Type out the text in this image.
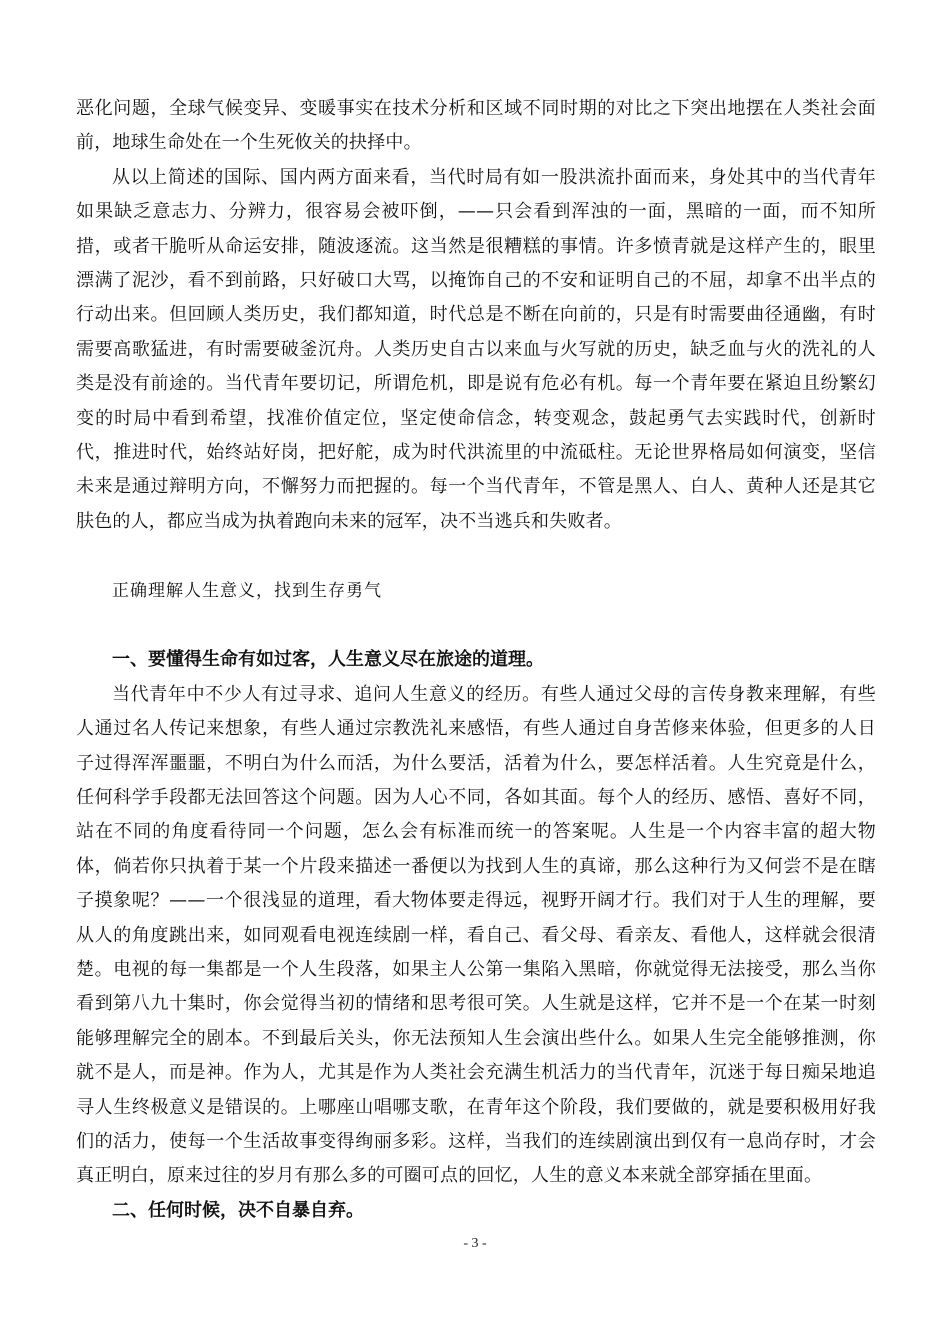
恶化问题，全球气候变异、变暖事实在技术分析和区域不同时期的对比之下突出地摆在人类社会面前，地球生命处在一个生死攸关的抉择中。

从以上简述的国际、国内两方面来看，当代时局有如一股洪流扑面而来，身处其中的当代青年如果缺乏意志力、分辨力，很容易会被吓倒，——只会看到浑浊的一面，黑暗的一面，而不知所措，或者干脆听从命运安排，随波逐流。这当然是很糟糕的事情。许多愤青就是这样产生的，眼里漂满了泥沙，看不到前路，只好破口大骂，以掩饰自己的不安和证明自己的不屈，却拿不出半点的行动出来。但回顾人类历史，我们都知道，时代总是不断在向前的，只是有时需要曲径通幽，有时需要高歌猛进，有时需要破釜沉舟。人类历史自古以来血与火写就的历史，缺乏血与火的洗礼的人类是没有前途的。当代青年要切记，所谓危机，即是说有危必有机。每一个青年要在紧迫且纷繁幻变的时局中看到希望，找准价值定位，坚定使命信念，转变观念，鼓起勇气去实践时代，创新时代，推进时代，始终站好岗，把好舵，成为时代洪流里的中流砥柱。无论世界格局如何演变，坚信未来是通过辩明方向，不懈努力而把握的。每一个当代青年，不管是黑人、白人、黄种人还是其它肤色的人，都应当成为执着跑向未来的冠军，决不当逃兵和失败者。

正确理解人生意义，找到生存勇气

一、要懂得生命有如过客，人生意义尽在旅途的道理。

当代青年中不少人有过寻求、追问人生意义的经历。有些人通过父母的言传身教来理解，有些人通过名人传记来想象，有些人通过宗教洗礼来感悟，有些人通过自身苦修来体验，但更多的人日子过得浑浑噩噩，不明白为什么而活，为什么要活，活着为什么，要怎样活着。人生究竟是什么，任何科学手段都无法回答这个问题。因为人心不同，各如其面。每个人的经历、感悟、喜好不同，站在不同的角度看待同一个问题，怎么会有标准而统一的答案呢。人生是一个内容丰富的超大物体，倘若你只执着于某一个片段来描述一番便以为找到人生的真谛，那么这种行为又何尝不是在瞎子摸象呢？——一个很浅显的道理，看大物体要走得远，视野开阔才行。我们对于人生的理解，要从人的角度跳出来，如同观看电视连续剧一样，看自己、看父母、看亲友、看他人，这样就会很清楚。电视的每一集都是一个人生段落，如果主人公第一集陷入黑暗，你就觉得无法接受，那么当你看到第八九十集时，你会觉得当初的情绪和思考很可笑。人生就是这样，它并不是一个在某一时刻能够理解完全的剧本。不到最后关头，你无法预知人生会演出些什么。如果人生完全能够推测，你就不是人，而是神。作为人，尤其是作为人类社会充满生机活力的当代青年，沉迷于每日痴呆地追寻人生终极意义是错误的。上哪座山唱哪支歌，在青年这个阶段，我们要做的，就是要积极用好我们的活力，使每一个生活故事变得绚丽多彩。这样，当我们的连续剧演出到仅有一息尚存时，才会真正明白，原来过往的岁月有那么多的可圈可点的回忆，人生的意义本来就全部穿插在里面。

二、任何时候，决不自暴自弃。

- 3 -
